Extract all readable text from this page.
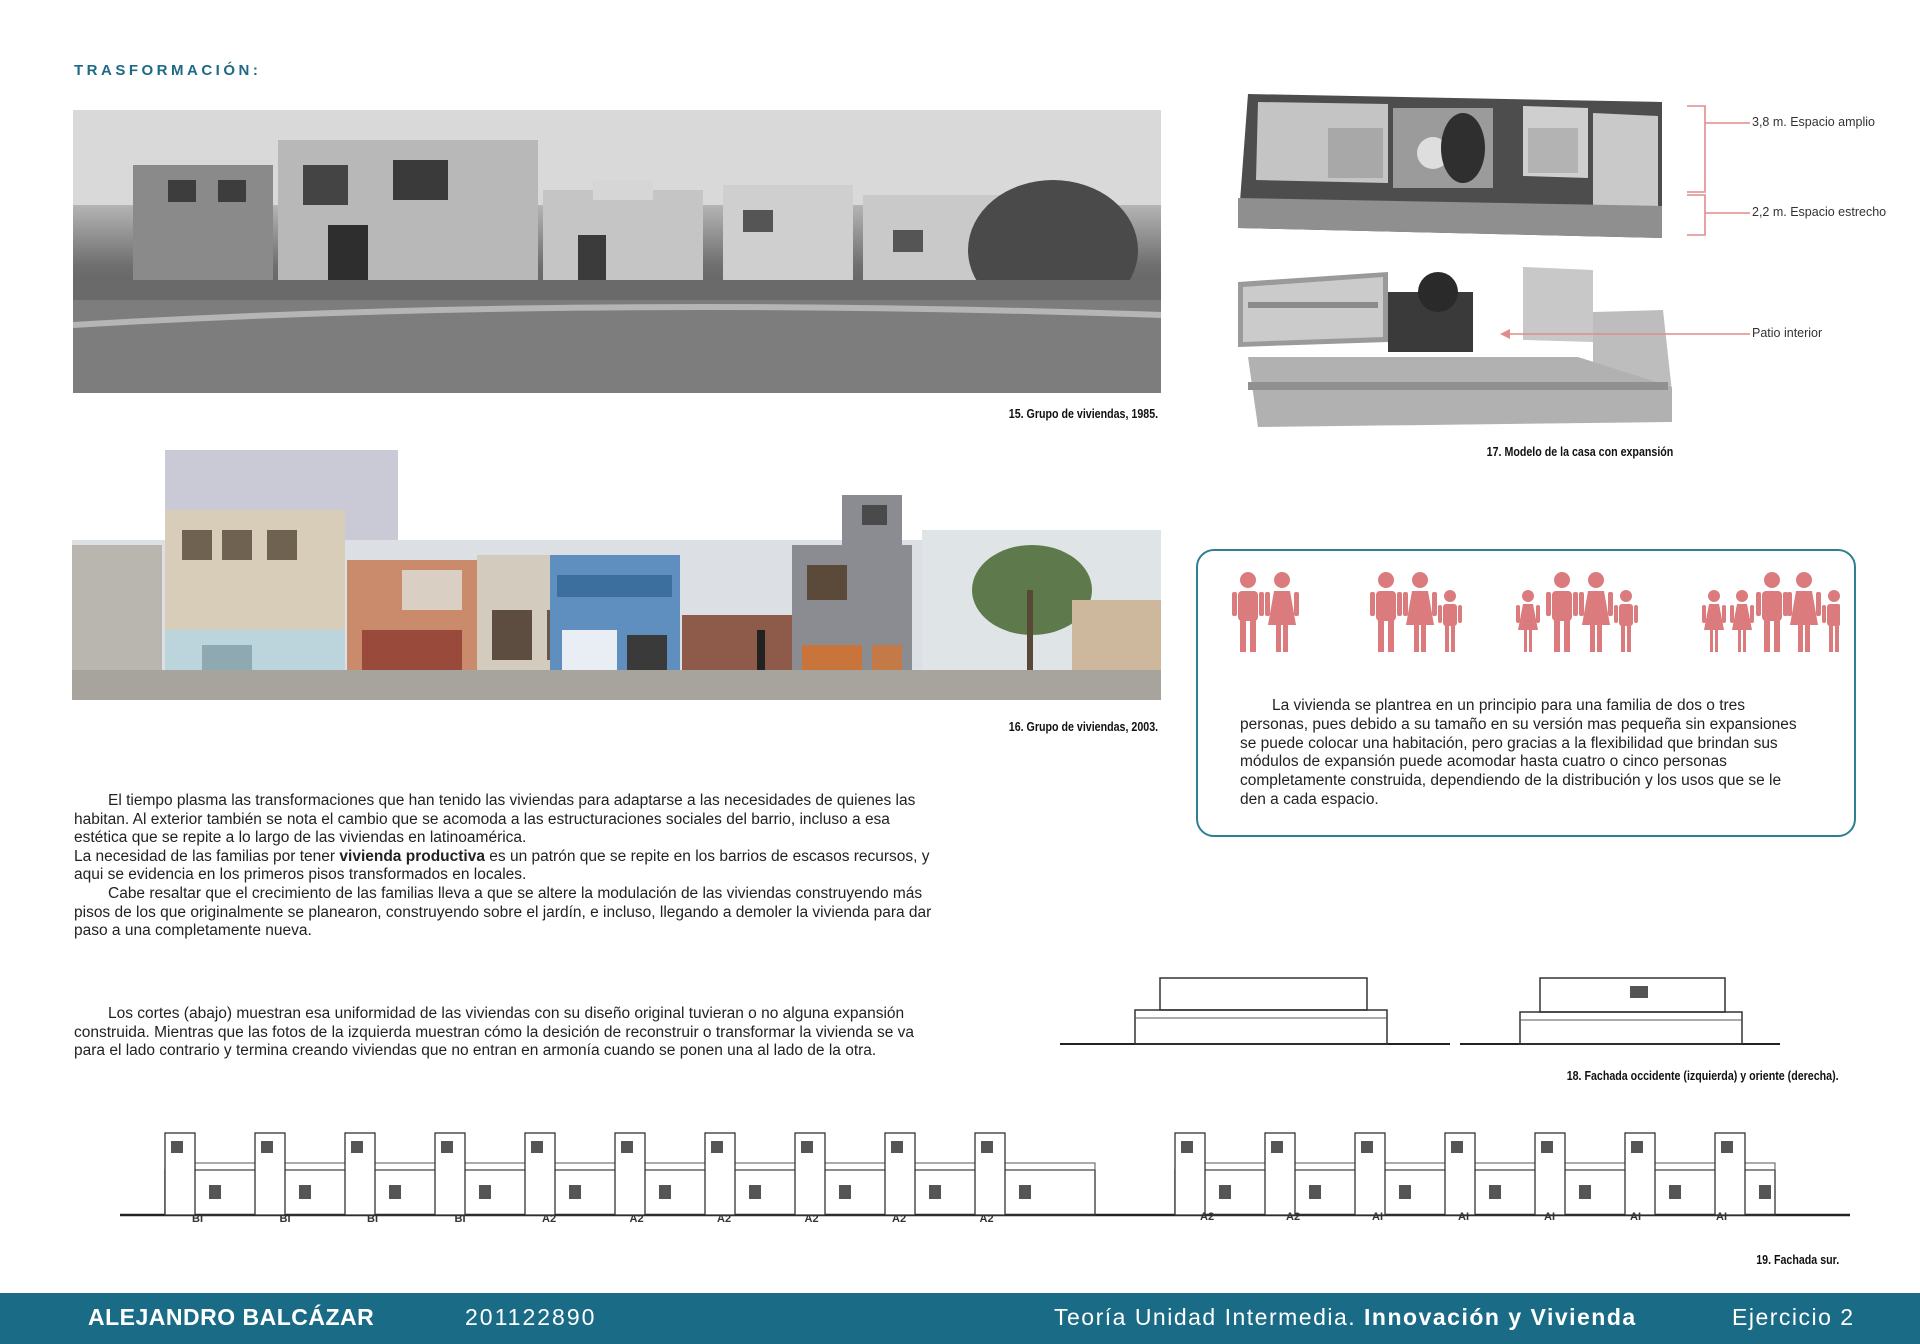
TRASFORMACIÓN:
15. Grupo de viviendas, 1985.
16. Grupo de viviendas, 2003.
3,8 m. Espacio amplio
2,2 m. Espacio estrecho
Patio interior
17. Modelo de la casa con expansión
La vivienda se plantrea en un principio para una familia de dos o tres personas, pues debido a su tamaño en su versión mas pequeña sin expansiones se puede colocar una habitación, pero gracias a la flexibilidad que brindan sus módulos de expansión puede acomodar hasta cuatro o cinco personas completamente construida, dependiendo de la distribución y los usos que se le den a cada espacio.
El tiempo plasma las transformaciones que han tenido las viviendas para adaptarse a las necesidades de quienes las habitan. Al exterior también se nota el cambio que se acomoda a las estructuraciones sociales del barrio, incluso a esa estética que se repite a lo largo de las viviendas en latinoamérica.
La necesidad de las familias por tener vivienda productiva es un patrón que se repite en los barrios de escasos recursos, y aqui se evidencia en los primeros pisos transformados en locales.
Cabe resaltar que el crecimiento de las familias lleva a que se altere la modulación de las viviendas construyendo más pisos de los que originalmente se planearon, construyendo sobre el jardín, e incluso, llegando a demoler la vivienda para dar paso a una completamente nueva.
Los cortes (abajo) muestran esa uniformidad de las viviendas con su diseño original tuvieran o no alguna expansión construida. Mientras que las fotos de la izquierda muestran cómo la desición de reconstruir o transformar la vivienda se va para el lado contrario y termina creando viviendas que no entran en armonía cuando se ponen una al lado de la otra.
18. Fachada occidente (izquierda) y oriente (derecha).
BI	BI	BI	BI	A2	A2	A2	A2	A2	A2	A2	A2	AI	AI	AI	AI	AI
19. Fachada sur.
ALEJANDRO BALCÁZAR	201122890	Teoría Unidad Intermedia. Innovación y Vivienda	Ejercicio 2
